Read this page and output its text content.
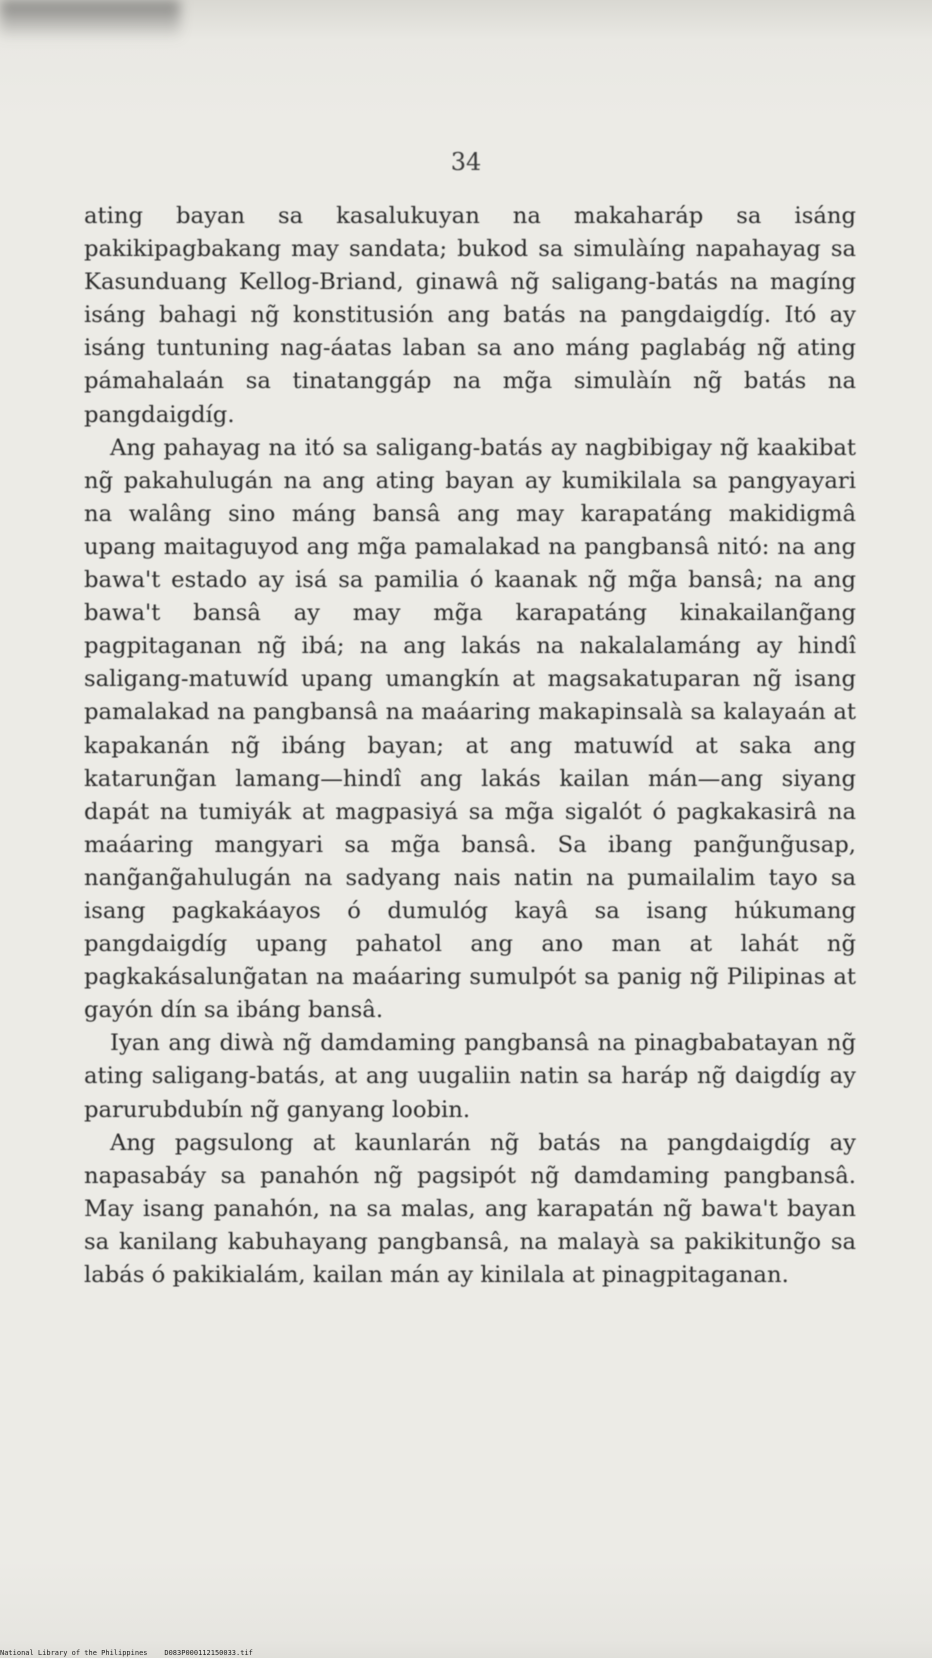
34

ating bayan sa kasalukuyan na makaharáp sa isáng pakikipagbakang may sandata; bukod sa simulàíng napahayag sa Kasunduang Kellog-Briand, ginawâ ng̃ saligang-batás na magíng isáng bahagi ng̃ konstitusión ang batás na pangdaigdíg. Itó ay isáng tuntuning nag-áatas laban sa ano máng paglabág ng̃ ating pámahalaán sa tinatanggáp na mg̃a simulàín ng̃ batás na pangdaigdíg.

Ang pahayag na itó sa saligang-batás ay nagbibigay ng̃ kaakibat ng̃ pakahulugán na ang ating bayan ay kumikilala sa pangyayari na walâng sino máng bansâ ang may karapatáng makidigmâ upang maitaguyod ang mg̃a pamalakad na pangbansâ nitó: na ang bawa't estado ay isá sa pamilia ó kaanak ng̃ mg̃a bansâ; na ang bawa't bansâ ay may mg̃a karapatáng kinakailang̃ang pagpitaganan ng̃ ibá; na ang lakás na nakalalamáng ay hindî saligang-matuwíd upang umangkín at magsakatuparan ng̃ isang pamalakad na pangbansâ na maáaring makapinsalà sa kalayaán at kapakanán ng̃ ibáng bayan; at ang matuwíd at saka ang katarung̃an lamang—hindî ang lakás kailan mán—ang siyang dapát na tumiyák at magpasiyá sa mg̃a sigalót ó pagkakasirâ na maáaring mangyari sa mg̃a bansâ. Sa ibang pang̃ung̃usap, nang̃ang̃ahulugán na sadyang nais natin na pumailalim tayo sa isang pagkakáayos ó dumulóg kayâ sa isang húkumang pangdaigdíg upang pahatol ang ano man at lahát ng̃ pagkakásalung̃atan na maáaring sumulpót sa panig ng̃ Pilipinas at gayón dín sa ibáng bansâ.

Iyan ang diwà ng̃ damdaming pangbansâ na pinagbabatayan ng̃ ating saligang-batás, at ang uugaliin natin sa haráp ng̃ daigdíg ay parurubdubín ng̃ ganyang loobin.

Ang pagsulong at kaunlarán ng̃ batás na pangdaigdíg ay napasabáy sa panahón ng̃ pagsipót ng̃ damdaming pangbansâ. May isang panahón, na sa malas, ang karapatán ng̃ bawa't bayan sa kanilang kabuhayang pangbansâ, na malayà sa pakikitung̃o sa labás ó pakikialám, kailan mán ay kinilala at pinagpitaganan.

National Library of the Philippines D083P000112150033.tif
